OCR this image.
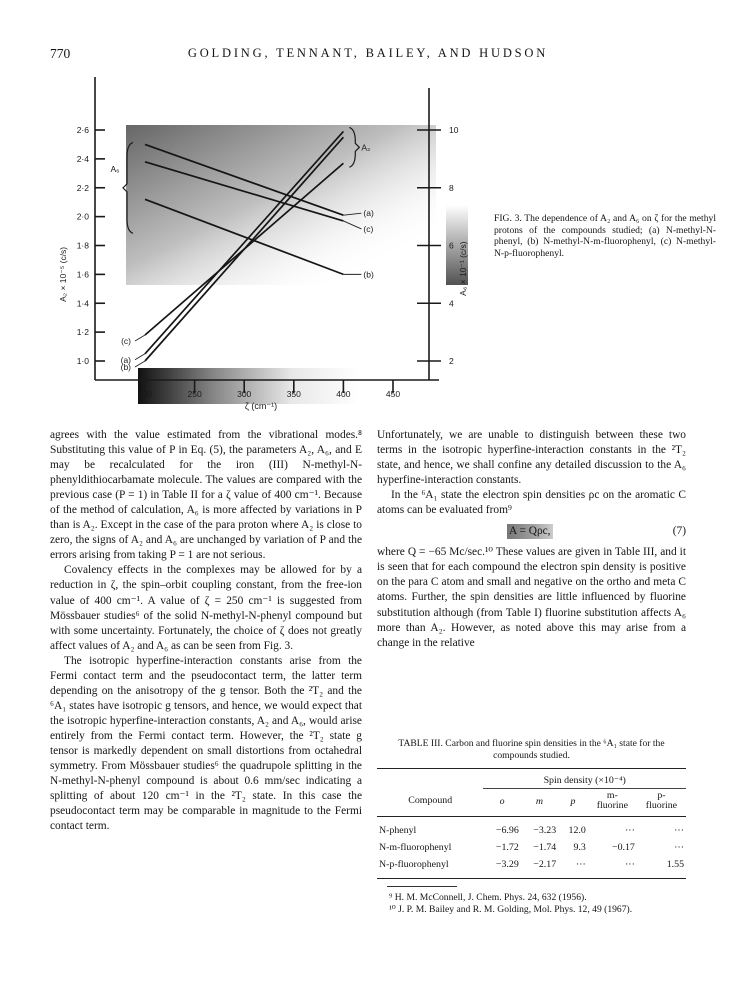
770	GOLDING, TENNANT, BAILEY, AND HUDSON
200	250	300	350	400	450
ζ (cm⁻¹)
1·0
1·2
1·4
1·6
1·8
2·0
2·2
2·4
2·6
A₂ × 10⁻⁵ (c/s)
2
4
6
8
10
A₆ × 10⁻¹ (c/s)
(a)
(b)
(c)
(a)
(c)
(b)
A₂
A₆
FIG. 3. The dependence of A₂ and A₆ on ζ for the methyl protons of the compounds studied; (a) N-methyl-N-phenyl, (b) N-methyl-N-m-fluorophenyl, (c) N-methyl-N-p-fluorophenyl.

agrees with the value estimated from the vibrational modes.⁸ Substituting this value of P in Eq. (5), the parameters A₂, A₆, and E may be recalculated for the iron (III) N-methyl-N-phenyldithiocarbamate molecule. The values are compared with the previous case (P = 1) in Table II for a ζ value of 400 cm⁻¹. Because of the method of calculation, A₆ is more affected by variations in P than is A₂. Except in the case of the para proton where A₂ is close to zero, the signs of A₂ and A₆ are unchanged by variation of P and the errors arising from taking P = 1 are not serious.

Covalency effects in the complexes may be allowed for by a reduction in ζ, the spin–orbit coupling constant, from the free-ion value of 400 cm⁻¹. A value of ζ = 250 cm⁻¹ is suggested from Mössbauer studies⁶ of the solid N-methyl-N-phenyl compound but with some uncertainty. Fortunately, the choice of ζ does not greatly affect values of A₂ and A₆ as can be seen from Fig. 3.

The isotropic hyperfine-interaction constants arise from the Fermi contact term and the pseudocontact term, the latter term depending on the anisotropy of the g tensor. Both the ²T₂ and the ⁶A₁ states have isotropic g tensors, and hence, we would expect that the isotropic hyperfine-interaction constants, A₂ and A₆, would arise entirely from the Fermi contact term. However, the ²T₂ state g tensor is markedly dependent on small distortions from octahedral symmetry. From Mössbauer studies⁶ the quadrupole splitting in the N-methyl-N-phenyl compound is about 0.6 mm/sec indicating a splitting of about 120 cm⁻¹ in the ²T₂ state. In this case the pseudocontact term may be comparable in magnitude to the Fermi contact term.

Unfortunately, we are unable to distinguish between these two terms in the isotropic hyperfine-interaction constants in the ²T₂ state, and hence, we shall confine any detailed discussion to the A₆ hyperfine-interaction constants.

In the ⁶A₁ state the electron spin densities ρc on the aromatic C atoms can be evaluated from⁹

A = Qρc,	(7)

where Q = −65 Mc/sec.¹⁰ These values are given in Table III, and it is seen that for each compound the electron spin density is positive on the para C atom and small and negative on the ortho and meta C atoms. Further, the spin densities are little influenced by fluorine substitution although (from Table I) fluorine substitution affects A₆ more than A₂. However, as noted above this may arise from a change in the relative

TABLE III. Carbon and fluorine spin densities in the ⁶A₁ state for the compounds studied.
	Spin density (×10⁻⁴)				
Compound	o	m	p	m-
fluorine	p-
fluorine
N-phenyl	−6.96	−3.23	12.0	···	···
N-m-fluorophenyl	−1.72	−1.74	9.3	−0.17	···
N-p-fluorophenyl	−3.29	−2.17	···	···	1.55
⁹ H. M. McConnell, J. Chem. Phys. 24, 632 (1956).
¹⁰ J. P. M. Bailey and R. M. Golding, Mol. Phys. 12, 49 (1967).
